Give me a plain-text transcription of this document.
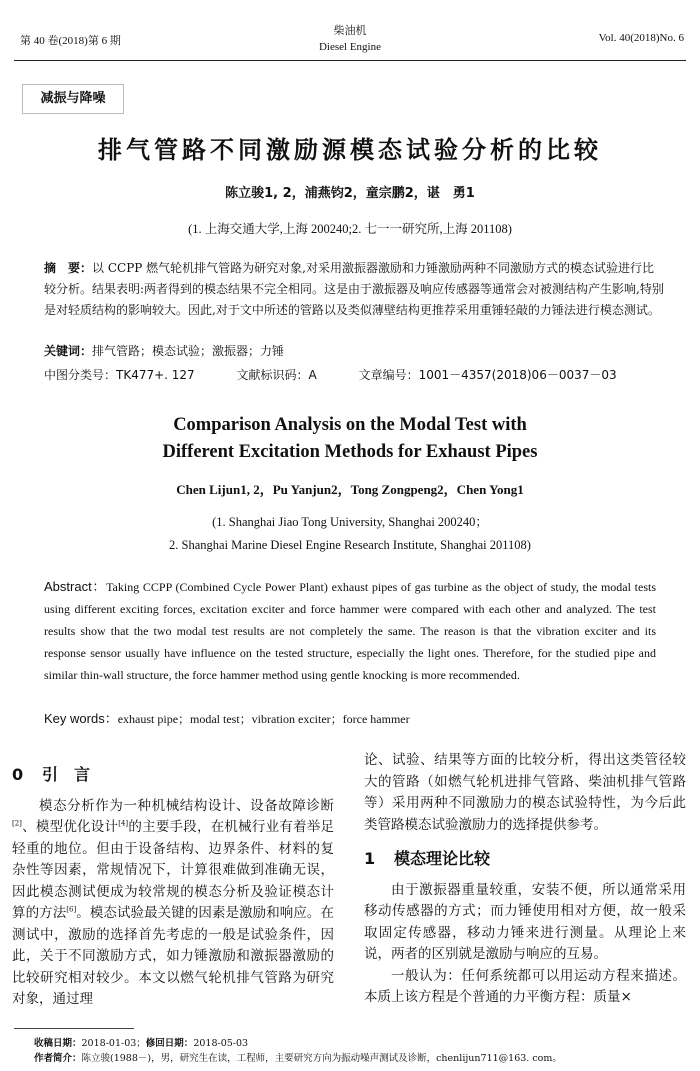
第 40 卷(2018)第 6 期
柴油机
Diesel Engine
Vol. 40(2018)No. 6
减振与降噪
排气管路不同激励源模态试验分析的比较
陈立骏1, 2，浦燕钧2，童宗鹏2，谌　勇1
(1. 上海交通大学,上海 200240;2. 七一一研究所,上海 201108)
摘　要：以 CCPP 燃气轮机排气管路为研究对象,对采用激振器激励和力锤激励两种不同激励方式的模态试验进行比较分析。结果表明:两者得到的模态结果不完全相同。这是由于激振器及响应传感器等通常会对被测结构产生影响,特别是对轻质结构的影响较大。因此,对于文中所述的管路以及类似薄壁结构更推荐采用重锤轻敲的力锤法进行模态测试。
关键词：排气管路；模态试验；激振器；力锤
中图分类号：TK477+. 127	文献标识码：A	文章编号：1001－4357(2018)06－0037－03
Comparison Analysis on the Modal Test with
Different Excitation Methods for Exhaust Pipes
Chen Lijun1, 2，Pu Yanjun2，Tong Zongpeng2，Chen Yong1
(1. Shanghai Jiao Tong University, Shanghai 200240；
2. Shanghai Marine Diesel Engine Research Institute, Shanghai 201108)
Abstract：Taking CCPP (Combined Cycle Power Plant) exhaust pipes of gas turbine as the object of study, the modal tests using different exciting forces, excitation exciter and force hammer were compared with each other and analyzed. The test results show that the two modal test results are not completely the same. The reason is that the vibration exciter and its response sensor usually have influence on the tested structure, especially the light ones. Therefore, for the studied pipe and similar thin-wall structure, the force hammer method using gentle knocking is more recommended.
Key words：exhaust pipe；modal test；vibration exciter；force hammer
0 引　言
模态分析作为一种机械结构设计、设备故障诊断[2]、模型优化设计[4]的主要手段，在机械行业有着举足轻重的地位。但由于设备结构、边界条件、材料的复杂性等因素，常规情况下，计算很难做到准确无误，因此模态测试便成为较常规的模态分析及验证模态计算的方法[6]。模态试验最关键的因素是激励和响应。在测试中，激励的选择首先考虑的一般是试验条件，因此，关于不同激励方式，如力锤激励和激振器激励的比较研究相对较少。本文以燃气轮机排气管路为研究对象，通过理
论、试验、结果等方面的比较分析，得出这类管径较大的管路（如燃气轮机进排气管路、柴油机排气管路等）采用两种不同激励力的模态试验特性，为今后此类管路模态试验激励力的选择提供参考。
1 模态理论比较
由于激振器重量较重，安装不便，所以通常采用移动传感器的方式；而力锤使用相对方便，故一般采取固定传感器，移动力锤来进行测量。从理论上来说，两者的区别就是激励与响应的互易。
一般认为：任何系统都可以用运动方程来描述。本质上该方程是个普通的力平衡方程：质量×
收稿日期：2018-01-03；修回日期：2018-05-03
作者简介：陈立骏(1988－)，男，研究生在读，工程师，主要研究方向为振动噪声测试及诊断，chenlijun711@163. com。
